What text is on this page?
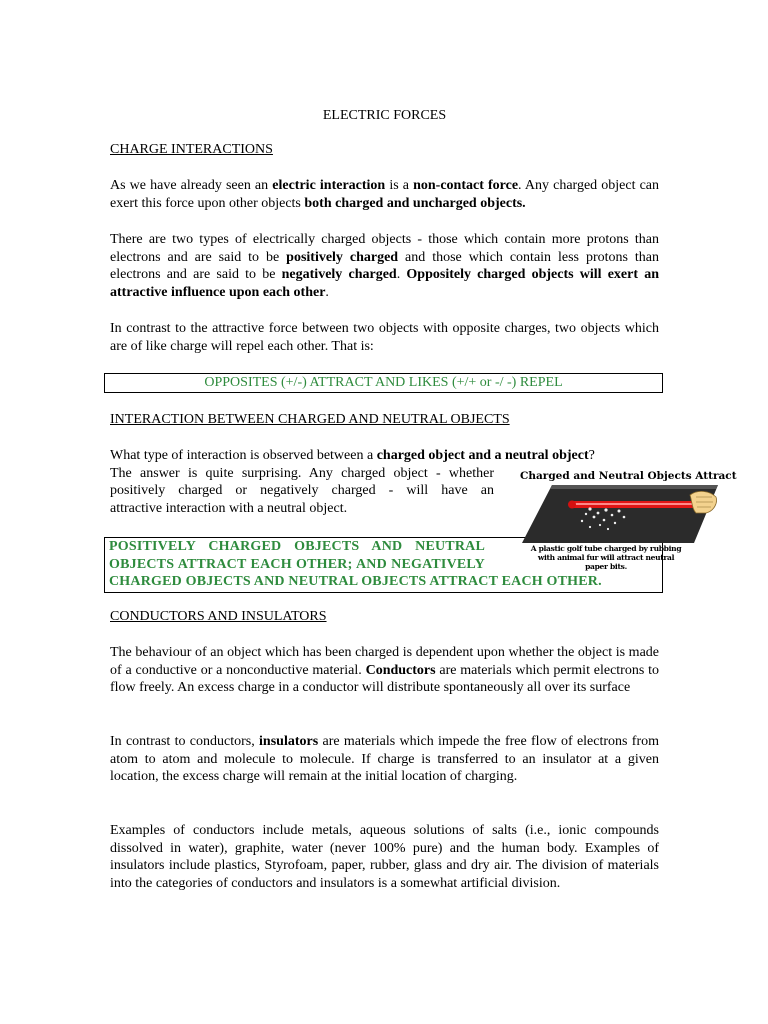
ELECTRIC FORCES
CHARGE INTERACTIONS

As we have already seen an electric interaction is a non-contact force. Any charged object can exert this force upon other objects both charged and uncharged objects.

There are two types of electrically charged objects - those which contain more protons than electrons and are said to be positively charged and those which contain less protons than electrons and are said to be negatively charged. Oppositely charged objects will exert an attractive influence upon each other.

In contrast to the attractive force between two objects with opposite charges, two objects which are of like charge will repel each other. That is:

OPPOSITES (+/-) ATTRACT AND LIKES (+/+ or -/ -) REPEL
INTERACTION BETWEEN CHARGED AND NEUTRAL OBJECTS
What type of interaction is observed between a charged object and a neutral object?
The answer is quite surprising. Any charged object - whether
positively charged or negatively charged - will have an
attractive interaction with a neutral object.
POSITIVELY CHARGED OBJECTS AND NEUTRAL
OBJECTS ATTRACT EACH OTHER; AND NEGATIVELY
CHARGED OBJECTS AND NEUTRAL OBJECTS ATTRACT EACH OTHER.
CONDUCTORS AND INSULATORS

The behaviour of an object which has been charged is dependent upon whether the object is made of a conductive or a nonconductive material. Conductors are materials which permit electrons to flow freely. An excess charge in a conductor will distribute spontaneously all over its surface

In contrast to conductors, insulators are materials which impede the free flow of electrons from atom to atom and molecule to molecule. If charge is transferred to an insulator at a given location, the excess charge will remain at the initial location of charging.

Examples of conductors include metals, aqueous solutions of salts (i.e., ionic compounds dissolved in water), graphite, water (never 100% pure) and the human body. Examples of insulators include plastics, Styrofoam, paper, rubber, glass and dry air. The division of materials into the categories of conductors and insulators is a somewhat artificial division.

Charged and Neutral Objects Attract
A plastic golf tube charged by rubbing with animal fur will attract neutral paper bits.
